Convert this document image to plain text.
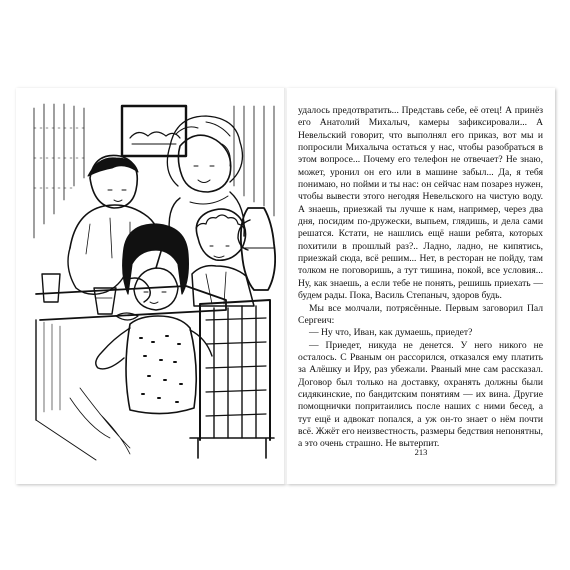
удалось предотвратить... Представь себе, её отец! А принёз его Анатолий Михалыч, камеры зафиксировали... А Невельский говорит, что выполнял его приказ, вот мы и попросили Михалыча остаться у нас, чтобы разобраться в этом вопросе... Почему его телефон не отвечает? Не знаю, может, уронил он его или в машине забыл... Да, я тебя понимаю, но пойми и ты нас: он сейчас нам позарез нужен, чтобы вывести этого негодяя Невельского на чистую воду. А знаешь, приезжай ты лучше к нам, например, через два дня, посидим по-дружески, выпьем, глядишь, и дела сами решатся. Кстати, не нашлись ещё наши ребята, которых похитили в прошлый раз?.. Ладно, ладно, не кипятись, приезжай сюда, всё решим... Нет, в ресторан не пойду, там толком не поговоришь, а тут тишина, покой, все условия... Ну, как знаешь, а если тебе не понять, решишь приехать — будем рады. Пока, Василь Степаныч, здоров будь.

Мы все молчали, потрясённые. Первым заговорил Пал Сергеич:

— Ну что, Иван, как думаешь, приедет?

— Приедет, никуда не денется. У него никого не осталось. С Рваным он рассорился, отказался ему платить за Алёшку и Иру, раз убежали. Рваный мне сам рассказал. Договор был только на доставку, охранять должны были сидякинские, по бандитским понятиям — их вина. Другие помощнички попритаились после наших с ними бесед, а тут ещё и адвокат попался, а уж он-то знает о нём почти всё. Жжёт его неизвестность, размеры бедствия непонятны, а это очень страшно. Не вытерпит.

213
